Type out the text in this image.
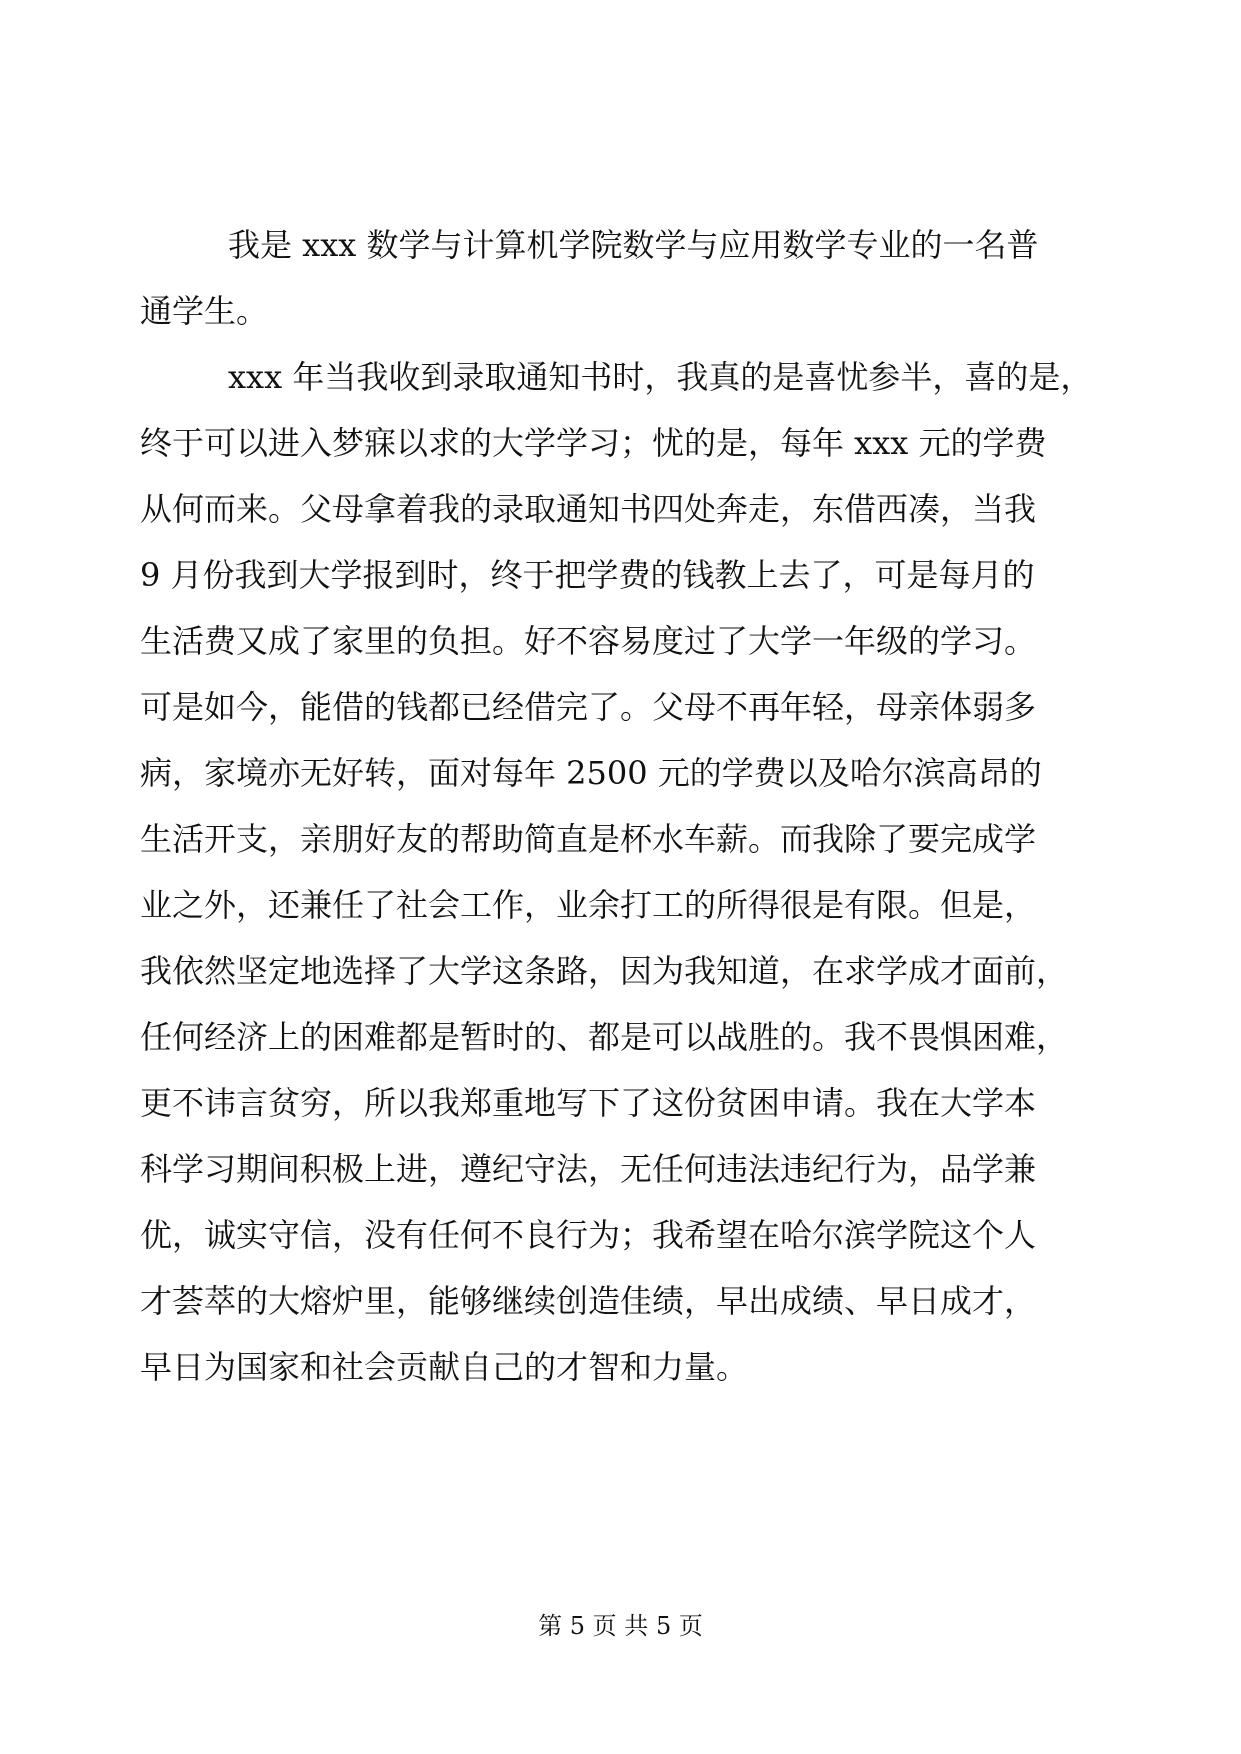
我是 xxx 数学与计算机学院数学与应用数学专业的一名普
通学生。
xxx 年当我收到录取通知书时，我真的是喜忧参半，喜的是，
终于可以进入梦寐以求的大学学习；忧的是，每年 xxx 元的学费
从何而来。父母拿着我的录取通知书四处奔走，东借西凑，当我
9 月份我到大学报到时，终于把学费的钱教上去了，可是每月的
生活费又成了家里的负担。好不容易度过了大学一年级的学习。
可是如今，能借的钱都已经借完了。父母不再年轻，母亲体弱多
病，家境亦无好转，面对每年 2500 元的学费以及哈尔滨高昂的
生活开支，亲朋好友的帮助简直是杯水车薪。而我除了要完成学
业之外，还兼任了社会工作，业余打工的所得很是有限。但是，
我依然坚定地选择了大学这条路，因为我知道，在求学成才面前，
任何经济上的困难都是暂时的、都是可以战胜的。我不畏惧困难，
更不讳言贫穷，所以我郑重地写下了这份贫困申请。我在大学本
科学习期间积极上进，遵纪守法，无任何违法违纪行为，品学兼
优，诚实守信，没有任何不良行为；我希望在哈尔滨学院这个人
才荟萃的大熔炉里，能够继续创造佳绩，早出成绩、早日成才，
早日为国家和社会贡献自己的才智和力量。
第 5 页 共 5 页
